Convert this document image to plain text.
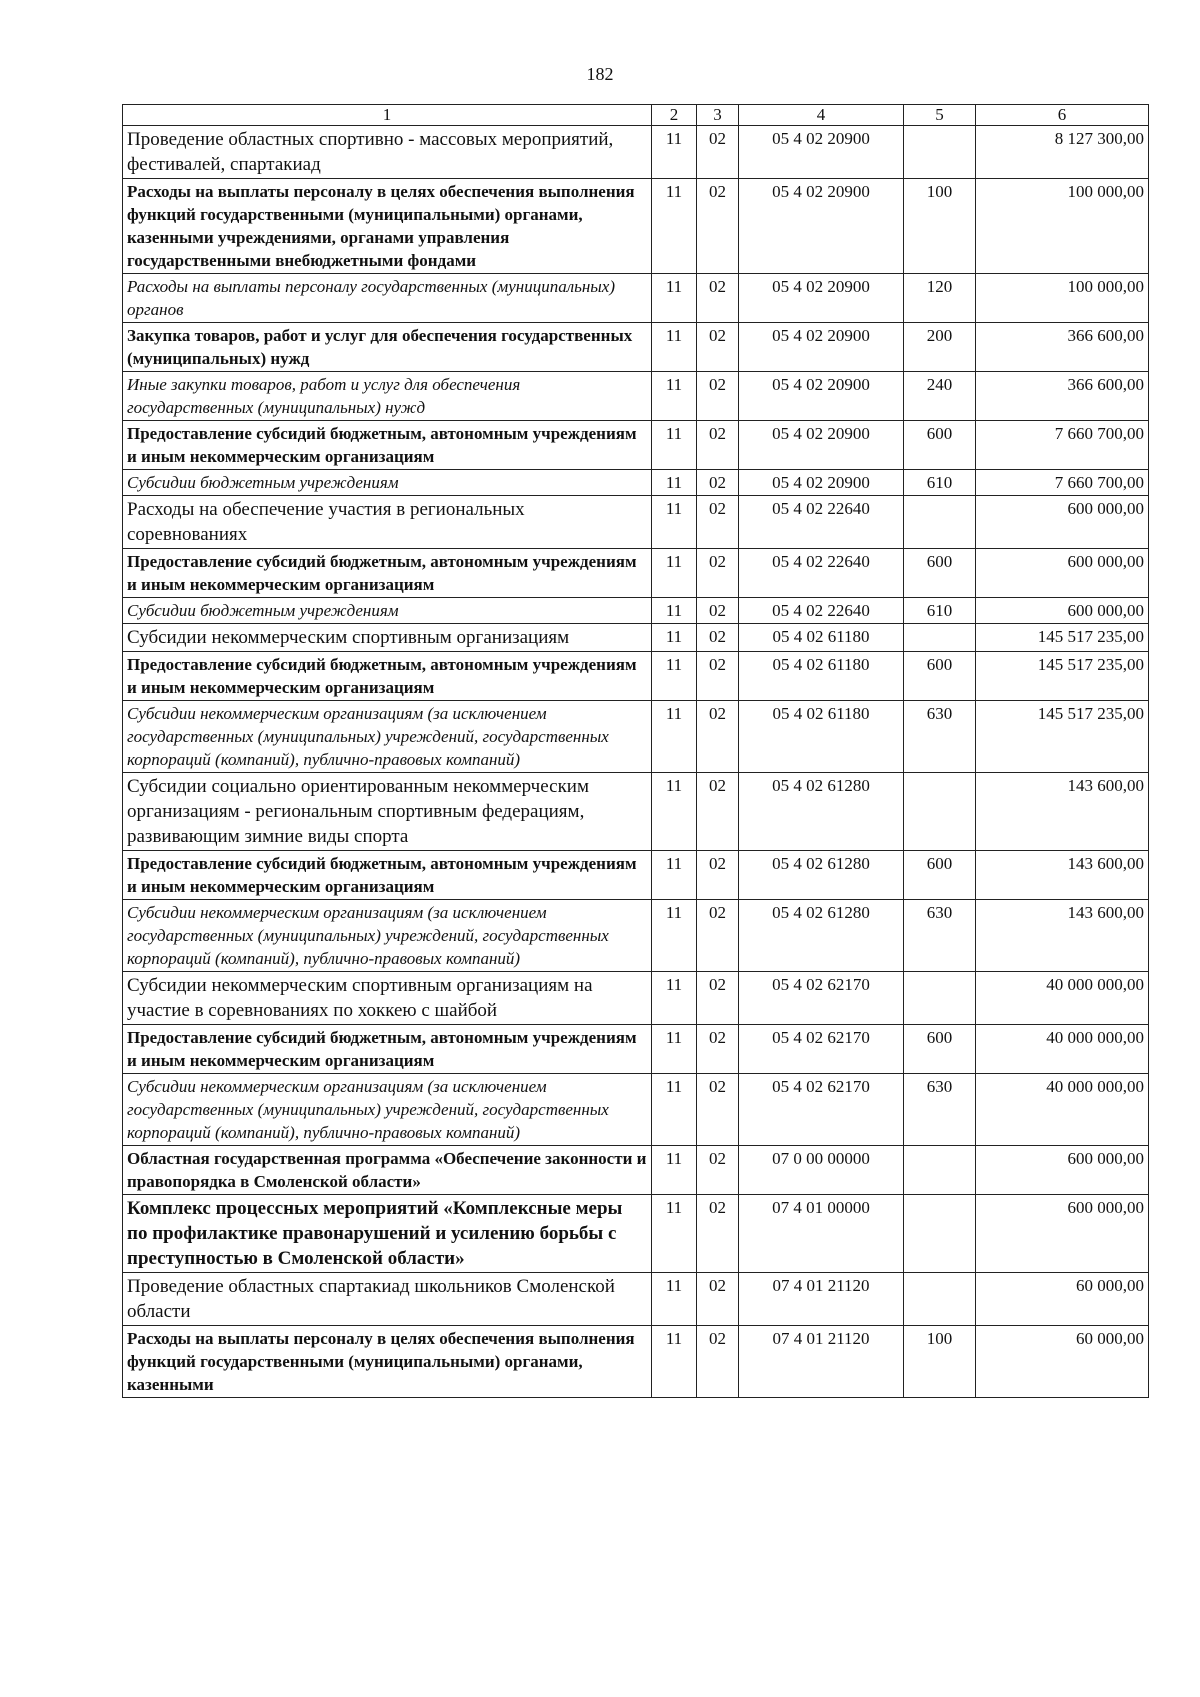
182
1	2	3	4	5	6
Проведение областных спортивно - массовых мероприятий, фестивалей, спартакиад	11	02	05 4 02 20900		8 127 300,00
Расходы на выплаты персоналу в целях обеспечения выполнения функций государственными (муниципальными) органами, казенными учреждениями, органами управления государственными внебюджетными фондами	11	02	05 4 02 20900	100	100 000,00
Расходы на выплаты персоналу государственных (муниципальных) органов	11	02	05 4 02 20900	120	100 000,00
Закупка товаров, работ и услуг для обеспечения государственных (муниципальных) нужд	11	02	05 4 02 20900	200	366 600,00
Иные закупки товаров, работ и услуг для обеспечения государственных (муниципальных) нужд	11	02	05 4 02 20900	240	366 600,00
Предоставление субсидий бюджетным, автономным учреждениям и иным некоммерческим организациям	11	02	05 4 02 20900	600	7 660 700,00
Субсидии бюджетным учреждениям	11	02	05 4 02 20900	610	7 660 700,00
Расходы на обеспечение участия в региональных соревнованиях	11	02	05 4 02 22640		600 000,00
Предоставление субсидий бюджетным, автономным учреждениям и иным некоммерческим организациям	11	02	05 4 02 22640	600	600 000,00
Субсидии бюджетным учреждениям	11	02	05 4 02 22640	610	600 000,00
Субсидии некоммерческим спортивным организациям	11	02	05 4 02 61180		145 517 235,00
Предоставление субсидий бюджетным, автономным учреждениям и иным некоммерческим организациям	11	02	05 4 02 61180	600	145 517 235,00
Субсидии некоммерческим организациям (за исключением государственных (муниципальных) учреждений, государственных корпораций (компаний), публично-правовых компаний)	11	02	05 4 02 61180	630	145 517 235,00
Субсидии социально ориентированным некоммерческим организациям - региональным спортивным федерациям, развивающим зимние виды спорта	11	02	05 4 02 61280		143 600,00
Предоставление субсидий бюджетным, автономным учреждениям и иным некоммерческим организациям	11	02	05 4 02 61280	600	143 600,00
Субсидии некоммерческим организациям (за исключением государственных (муниципальных) учреждений, государственных корпораций (компаний), публично-правовых компаний)	11	02	05 4 02 61280	630	143 600,00
Субсидии некоммерческим спортивным организациям на участие в соревнованиях по хоккею с шайбой	11	02	05 4 02 62170		40 000 000,00
Предоставление субсидий бюджетным, автономным учреждениям и иным некоммерческим организациям	11	02	05 4 02 62170	600	40 000 000,00
Субсидии некоммерческим организациям (за исключением государственных (муниципальных) учреждений, государственных корпораций (компаний), публично-правовых компаний)	11	02	05 4 02 62170	630	40 000 000,00
Областная государственная программа «Обеспечение законности и правопорядка в Смоленской области»	11	02	07 0 00 00000		600 000,00
Комплекс процессных мероприятий «Комплексные меры по профилактике правонарушений и усилению борьбы с преступностью в Смоленской области»	11	02	07 4 01 00000		600 000,00
Проведение областных спартакиад школьников Смоленской области	11	02	07 4 01 21120		60 000,00
Расходы на выплаты персоналу в целях обеспечения выполнения функций государственными (муниципальными) органами, казенными	11	02	07 4 01 21120	100	60 000,00
